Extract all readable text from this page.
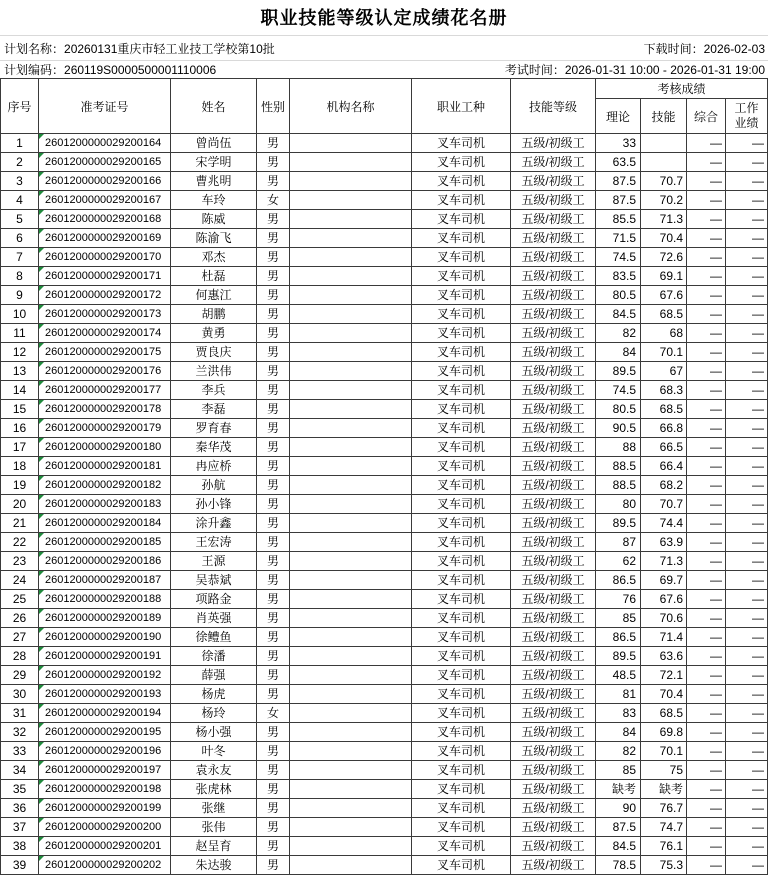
职业技能等级认定成绩花名册
计划名称：20260131重庆市轻工业技工学校第10批	下载时间：2026-02-03
计划编码：260119S0000500001110006	考试时间：2026-01-31 10:00 - 2026-01-31 19:00
序号	准考证号	姓名	性别	机构名称	职业工种	技能等级	考核成绩			
							理论	技能	综合	工作业绩
1	2601200000029200164	曾尚伍	男		叉车司机	五级/初级工	33		—	—
2	2601200000029200165	宋学明	男		叉车司机	五级/初级工	63.5		—	—
3	2601200000029200166	曹兆明	男		叉车司机	五级/初级工	87.5	70.7	—	—
4	2601200000029200167	车玲	女		叉车司机	五级/初级工	87.5	70.2	—	—
5	2601200000029200168	陈威	男		叉车司机	五级/初级工	85.5	71.3	—	—
6	2601200000029200169	陈渝飞	男		叉车司机	五级/初级工	71.5	70.4	—	—
7	2601200000029200170	邓杰	男		叉车司机	五级/初级工	74.5	72.6	—	—
8	2601200000029200171	杜磊	男		叉车司机	五级/初级工	83.5	69.1	—	—
9	2601200000029200172	何惠江	男		叉车司机	五级/初级工	80.5	67.6	—	—
10	2601200000029200173	胡鹏	男		叉车司机	五级/初级工	84.5	68.5	—	—
11	2601200000029200174	黄勇	男		叉车司机	五级/初级工	82	68	—	—
12	2601200000029200175	贾良庆	男		叉车司机	五级/初级工	84	70.1	—	—
13	2601200000029200176	兰洪伟	男		叉车司机	五级/初级工	89.5	67	—	—
14	2601200000029200177	李兵	男		叉车司机	五级/初级工	74.5	68.3	—	—
15	2601200000029200178	李磊	男		叉车司机	五级/初级工	80.5	68.5	—	—
16	2601200000029200179	罗育春	男		叉车司机	五级/初级工	90.5	66.8	—	—
17	2601200000029200180	秦华茂	男		叉车司机	五级/初级工	88	66.5	—	—
18	2601200000029200181	冉应桥	男		叉车司机	五级/初级工	88.5	66.4	—	—
19	2601200000029200182	孙航	男		叉车司机	五级/初级工	88.5	68.2	—	—
20	2601200000029200183	孙小锋	男		叉车司机	五级/初级工	80	70.7	—	—
21	2601200000029200184	涂升鑫	男		叉车司机	五级/初级工	89.5	74.4	—	—
22	2601200000029200185	王宏涛	男		叉车司机	五级/初级工	87	63.9	—	—
23	2601200000029200186	王源	男		叉车司机	五级/初级工	62	71.3	—	—
24	2601200000029200187	吴恭斌	男		叉车司机	五级/初级工	86.5	69.7	—	—
25	2601200000029200188	项路金	男		叉车司机	五级/初级工	76	67.6	—	—
26	2601200000029200189	肖英强	男		叉车司机	五级/初级工	85	70.6	—	—
27	2601200000029200190	徐鳢鱼	男		叉车司机	五级/初级工	86.5	71.4	—	—
28	2601200000029200191	徐潘	男		叉车司机	五级/初级工	89.5	63.6	—	—
29	2601200000029200192	薛强	男		叉车司机	五级/初级工	48.5	72.1	—	—
30	2601200000029200193	杨虎	男		叉车司机	五级/初级工	81	70.4	—	—
31	2601200000029200194	杨玲	女		叉车司机	五级/初级工	83	68.5	—	—
32	2601200000029200195	杨小强	男		叉车司机	五级/初级工	84	69.8	—	—
33	2601200000029200196	叶冬	男		叉车司机	五级/初级工	82	70.1	—	—
34	2601200000029200197	袁永友	男		叉车司机	五级/初级工	85	75	—	—
35	2601200000029200198	张虎林	男		叉车司机	五级/初级工	缺考	缺考	—	—
36	2601200000029200199	张继	男		叉车司机	五级/初级工	90	76.7	—	—
37	2601200000029200200	张伟	男		叉车司机	五级/初级工	87.5	74.7	—	—
38	2601200000029200201	赵呈育	男		叉车司机	五级/初级工	84.5	76.1	—	—
39	2601200000029200202	朱达骏	男		叉车司机	五级/初级工	78.5	75.3	—	—
